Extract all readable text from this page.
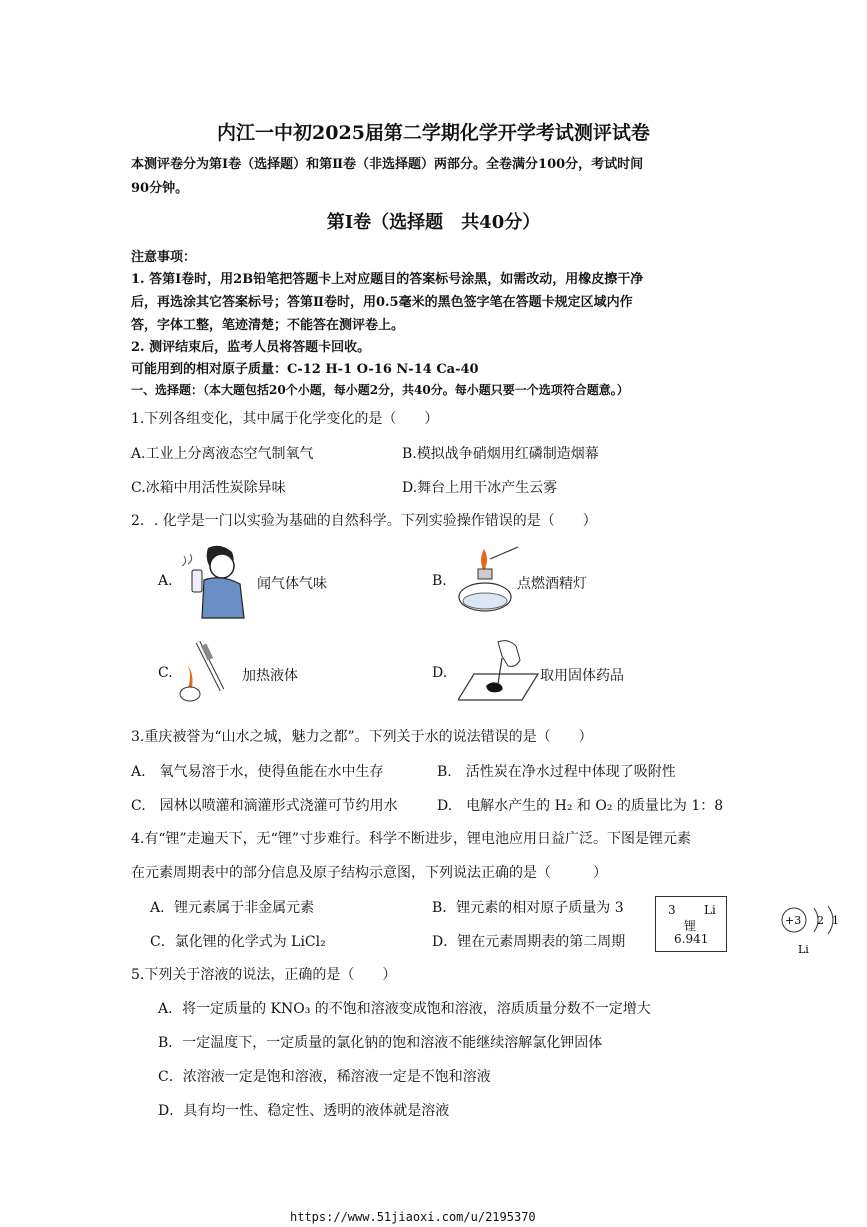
内江一中初2025届第二学期化学开学考试测评试卷
本测评卷分为第Ⅰ卷（选择题）和第Ⅱ卷（非选择题）两部分。全卷满分100分，考试时间
90分钟。
第Ⅰ卷（选择题　共40分）
注意事项：
1. 答第Ⅰ卷时，用2B铅笔把答题卡上对应题目的答案标号涂黑，如需改动，用橡皮擦干净
后，再选涂其它答案标号；答第Ⅱ卷时，用0.5毫米的黑色签字笔在答题卡规定区域内作
答，字体工整，笔迹清楚；不能答在测评卷上。
2. 测评结束后，监考人员将答题卡回收。
可能用到的相对原子质量：C-12 H-1 O-16 N-14 Ca-40
一、选择题：（本大题包括20个小题，每小题2分，共40分。每小题只要一个选项符合题意。）
1.下列各组变化，其中属于化学变化的是（　　）
A.工业上分离液态空气制氧气	B.模拟战争硝烟用红磷制造烟幕
C.冰箱中用活性炭除异味	D.舞台上用干冰产生云雾
2．. 化学是一门以实验为基础的自然科学。下列实验操作错误的是（　　）
A.	闻气体气味	B.	点燃酒精灯
C.	加热液体	D.	取用固体药品
3.重庆被誉为“山水之城，魅力之都”。下列关于水的说法错误的是（　　）
A.　氧气易溶于水，使得鱼能在水中生存	B.　活性炭在净水过程中体现了吸附性
C.　园林以喷灌和滴灌形式浇灌可节约用水	D.　电解水产生的 H₂ 和 O₂ 的质量比为 1：8
4.有“锂”走遍天下，无“锂”寸步难行。科学不断进步，锂电池应用日益广泛。下图是锂元素
在元素周期表中的部分信息及原子结构示意图，下列说法正确的是（　　　）
A．锂元素属于非金属元素	B．锂元素的相对原子质量为 3
C．氯化锂的化学式为 LiCl₂	D．锂在元素周期表的第二周期
3 Li
锂
6.941
+3 2 1
Li
5.下列关于溶液的说法，正确的是（　　）
A．将一定质量的 KNO₃ 的不饱和溶液变成饱和溶液，溶质质量分数不一定增大
B．一定温度下，一定质量的氯化钠的饱和溶液不能继续溶解氯化钾固体
C．浓溶液一定是饱和溶液，稀溶液一定是不饱和溶液
D．具有均一性、稳定性、透明的液体就是溶液
https://www.51jiaoxi.com/u/2195370
